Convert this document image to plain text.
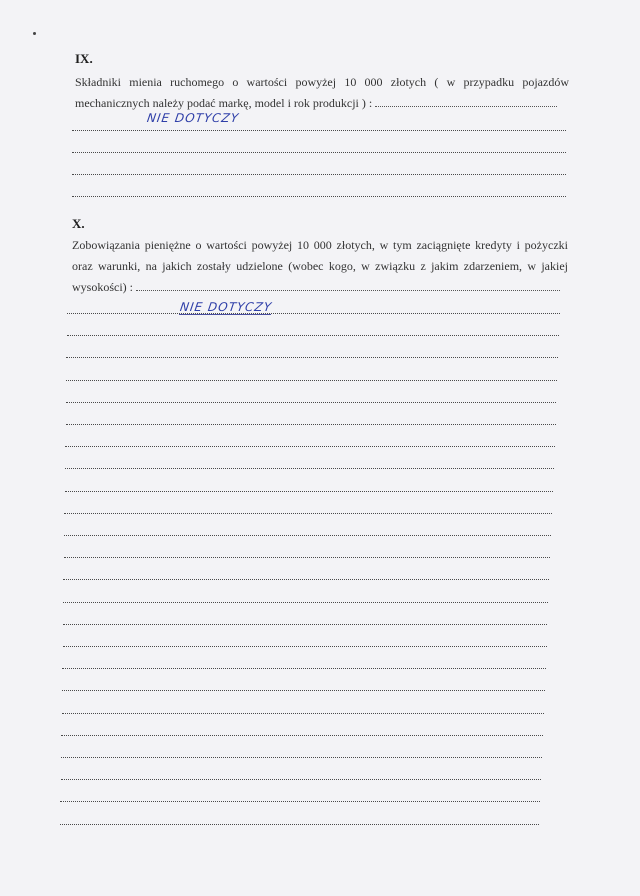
IX.
Składniki mienia ruchomego o wartości powyżej 10 000 złotych ( w przypadku pojazdów
mechanicznych należy podać markę, model i rok produkcji ) :
NIE DOTYCZY
X.
Zobowiązania pieniężne o wartości powyżej 10 000 złotych, w tym zaciągnięte kredyty i pożyczki
oraz warunki, na jakich zostały udzielone (wobec kogo, w związku z jakim zdarzeniem, w jakiej
wysokości) :
NIE DOTYCZY
